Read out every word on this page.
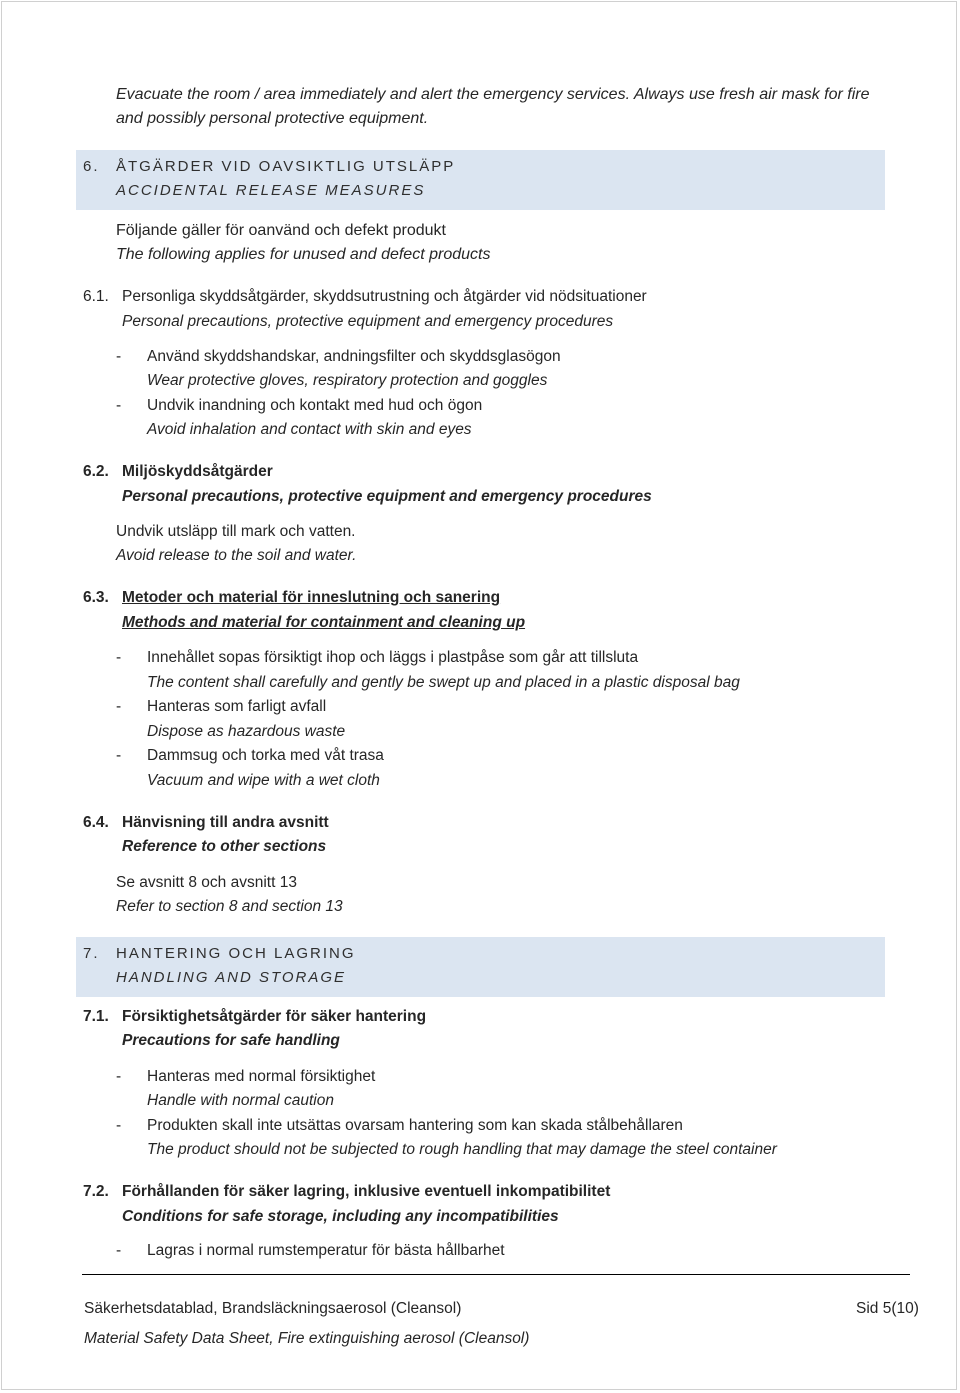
Evacuate the room / area immediately and alert the emergency services. Always use fresh air mask for fire
and possibly personal protective equipment.
6. ÅTGÄRDER VID OAVSIKTLIG UTSLÄPP
ACCIDENTAL RELEASE MEASURES
Följande gäller för oanvänd och defekt produkt
The following applies for unused and defect products
6.1. Personliga skyddsåtgärder, skyddsutrustning och åtgärder vid nödsituationer
Personal precautions, protective equipment and emergency procedures
- Använd skyddshandskar, andningsfilter och skyddsglasögon
Wear protective gloves, respiratory protection and goggles
- Undvik inandning och kontakt med hud och ögon
Avoid inhalation and contact with skin and eyes
6.2. Miljöskyddsåtgärder
Personal precautions, protective equipment and emergency procedures
Undvik utsläpp till mark och vatten.
Avoid release to the soil and water.
6.3. Metoder och material för inneslutning och sanering
Methods and material for containment and cleaning up
- Innehållet sopas försiktigt ihop och läggs i plastpåse som går att tillsluta
The content shall carefully and gently be swept up and placed in a plastic disposal bag
- Hanteras som farligt avfall
Dispose as hazardous waste
- Dammsug och torka med våt trasa
Vacuum and wipe with a wet cloth
6.4. Hänvisning till andra avsnitt
Reference to other sections
Se avsnitt 8 och avsnitt 13
Refer to section 8 and section 13
7. HANTERING OCH LAGRING
HANDLING AND STORAGE
7.1. Försiktighetsåtgärder för säker hantering
Precautions for safe handling
- Hanteras med normal försiktighet
Handle with normal caution
- Produkten skall inte utsättas ovarsam hantering som kan skada stålbehållaren
The product should not be subjected to rough handling that may damage the steel container
7.2. Förhållanden för säker lagring, inklusive eventuell inkompatibilitet
Conditions for safe storage, including any incompatibilities
- Lagras i normal rumstemperatur för bästa hållbarhet
Säkerhetsdatablad, Brandsläckningsaerosol (Cleansol)	Sid 5(10)
Material Safety Data Sheet, Fire extinguishing aerosol (Cleansol)
